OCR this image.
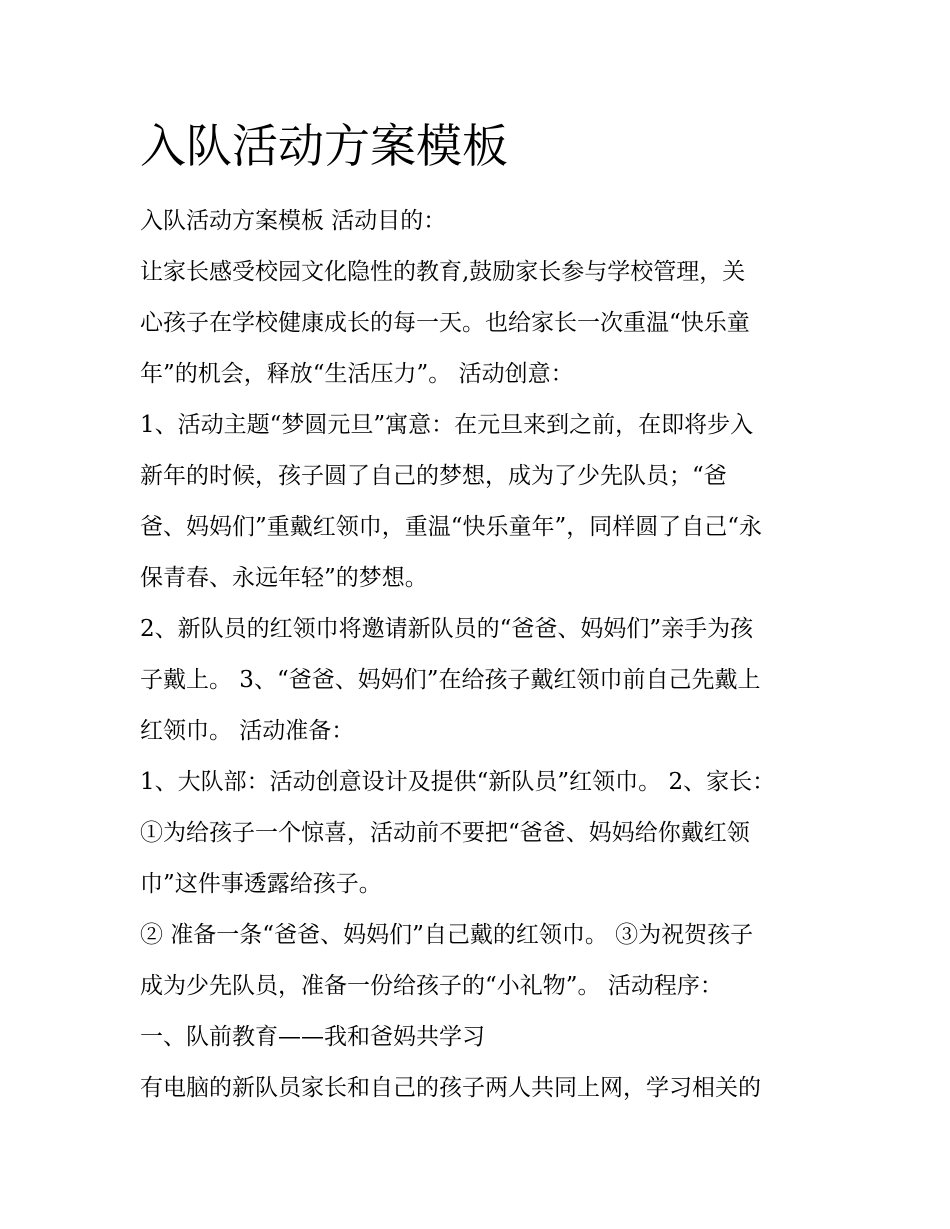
入队活动方案模板

入队活动方案模板 活动目的：

让家长感受校园文化隐性的教育,鼓励家长参与学校管理，关

心孩子在学校健康成长的每一天。也给家长一次重温“快乐童

年”的机会，释放“生活压力”。 活动创意：

1、活动主题“梦圆元旦”寓意：在元旦来到之前，在即将步入

新年的时候，孩子圆了自己的梦想，成为了少先队员；“爸

爸、妈妈们”重戴红领巾，重温“快乐童年”，同样圆了自己“永

保青春、永远年轻”的梦想。

2、新队员的红领巾将邀请新队员的“爸爸、妈妈们”亲手为孩

子戴上。 3、“爸爸、妈妈们”在给孩子戴红领巾前自己先戴上

红领巾。 活动准备：

1、大队部：活动创意设计及提供“新队员”红领巾。 2、家长：

①为给孩子一个惊喜，活动前不要把“爸爸、妈妈给你戴红领

巾”这件事透露给孩子。

② 准备一条“爸爸、妈妈们”自己戴的红领巾。 ③为祝贺孩子

成为少先队员，准备一份给孩子的“小礼物”。 活动程序：

一、队前教育——我和爸妈共学习

有电脑的新队员家长和自己的孩子两人共同上网，学习相关的
